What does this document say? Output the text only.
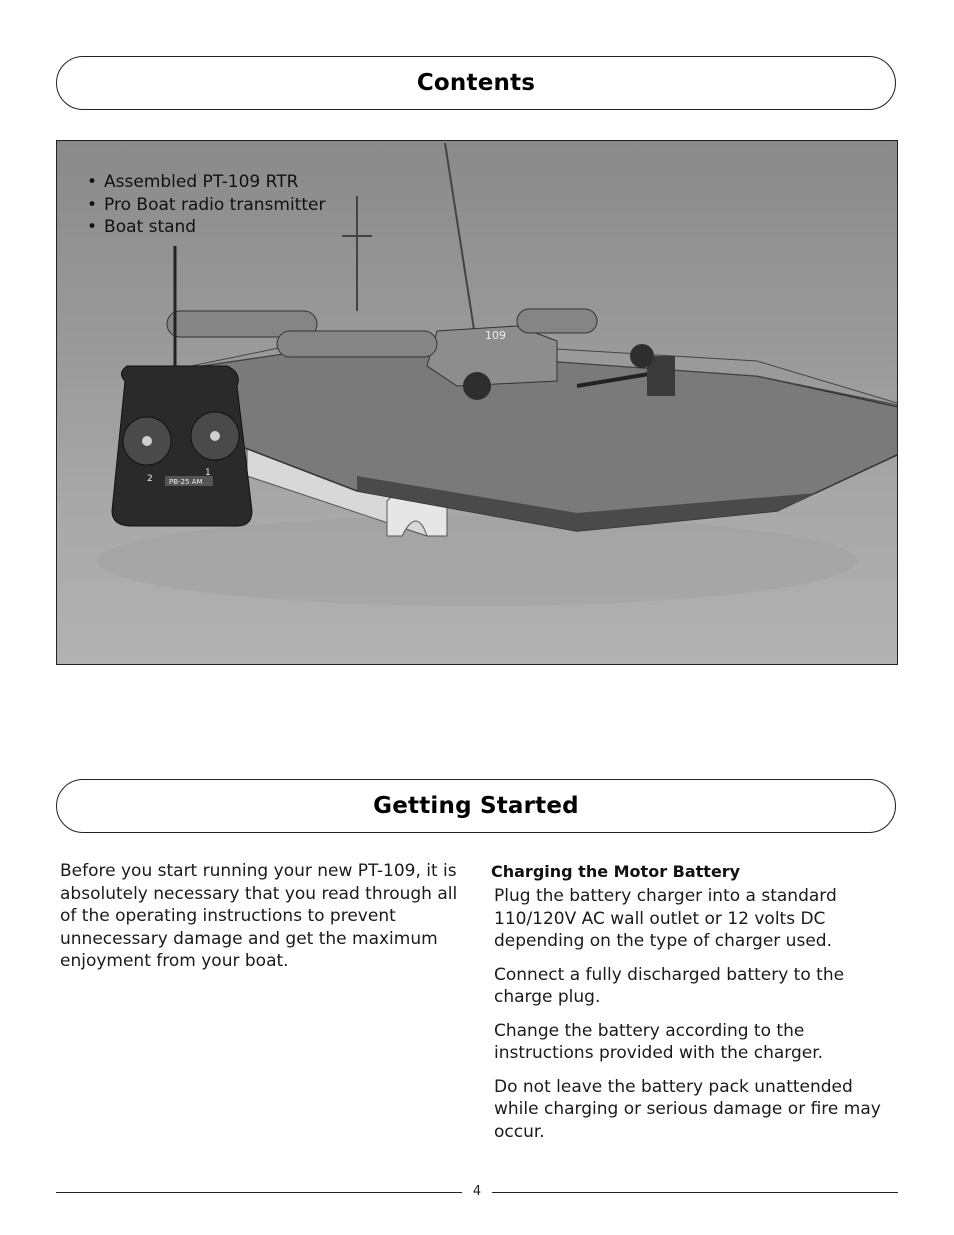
Contents
109
PB-25 AM
2
1
• Assembled PT-109 RTR
• Pro Boat radio transmitter
• Boat stand
Getting Started

Before you start running your new PT-109, it is absolutely necessary that you read through all of the operating instructions to prevent unnecessary damage and get the maximum enjoyment from your boat.

Charging the Motor Battery

Plug the battery charger into a standard 110/120V AC wall outlet or 12 volts DC depending on the type of charger used.

Connect a fully discharged battery to the charge plug.

Change the battery according to the instructions provided with the charger.

Do not leave the battery pack unattended while charging or serious damage or fire may occur.

4
